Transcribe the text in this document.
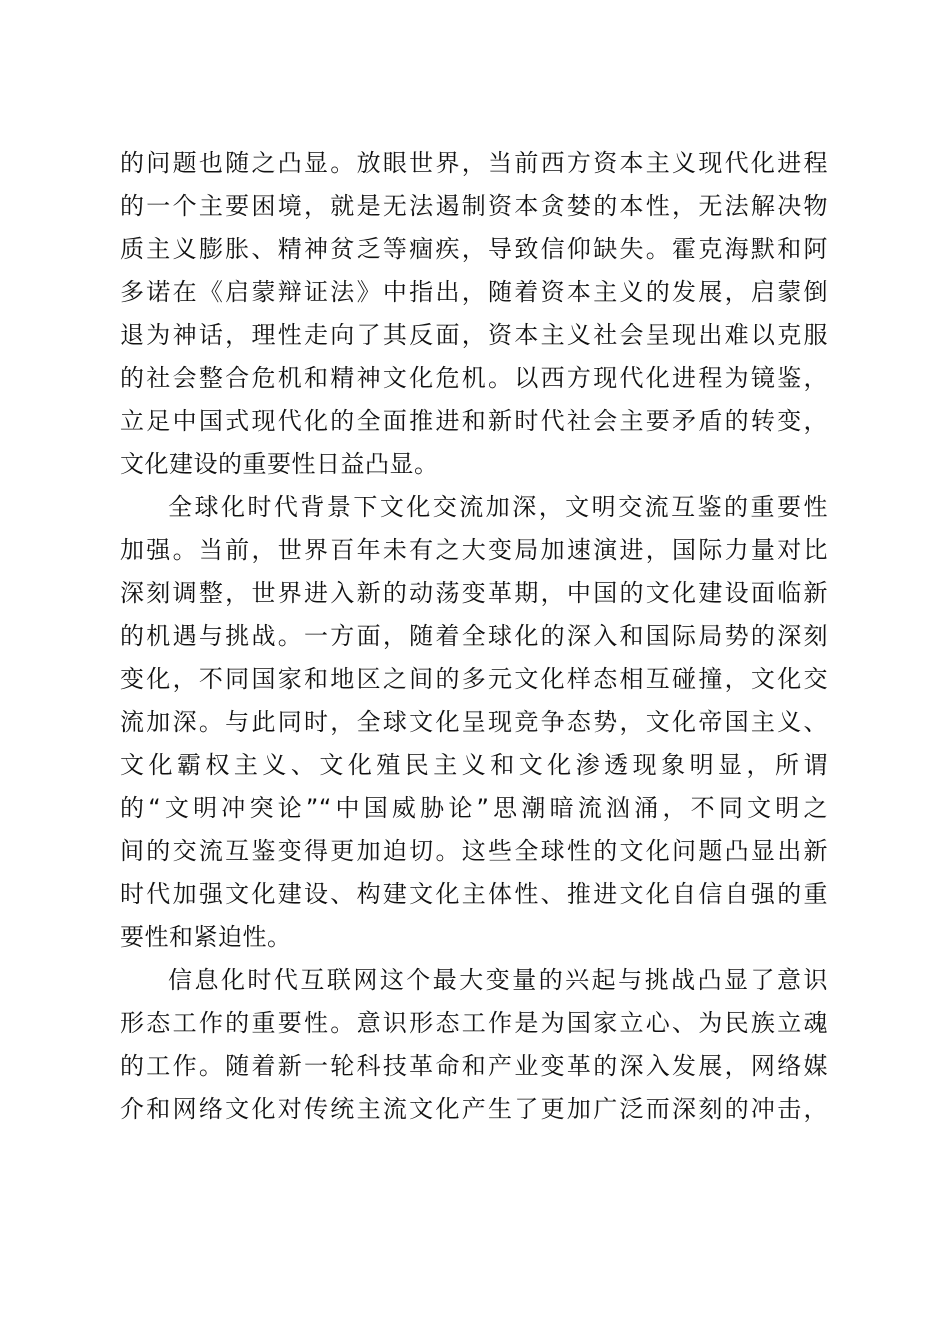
的问题也随之凸显。放眼世界，当前西方资本主义现代化进程
的一个主要困境，就是无法遏制资本贪婪的本性，无法解决物
质主义膨胀、精神贫乏等痼疾，导致信仰缺失。霍克海默和阿
多诺在《启蒙辩证法》中指出，随着资本主义的发展，启蒙倒
退为神话，理性走向了其反面，资本主义社会呈现出难以克服
的社会整合危机和精神文化危机。以西方现代化进程为镜鉴，
立足中国式现代化的全面推进和新时代社会主要矛盾的转变，
文化建设的重要性日益凸显。
全球化时代背景下文化交流加深，文明交流互鉴的重要性
加强。当前，世界百年未有之大变局加速演进，国际力量对比
深刻调整，世界进入新的动荡变革期，中国的文化建设面临新
的机遇与挑战。一方面，随着全球化的深入和国际局势的深刻
变化，不同国家和地区之间的多元文化样态相互碰撞，文化交
流加深。与此同时，全球文化呈现竞争态势，文化帝国主义、
文化霸权主义、文化殖民主义和文化渗透现象明显，所谓
的“文明冲突论”“中国威胁论”思潮暗流汹涌，不同文明之
间的交流互鉴变得更加迫切。这些全球性的文化问题凸显出新
时代加强文化建设、构建文化主体性、推进文化自信自强的重
要性和紧迫性。
信息化时代互联网这个最大变量的兴起与挑战凸显了意识
形态工作的重要性。意识形态工作是为国家立心、为民族立魂
的工作。随着新一轮科技革命和产业变革的深入发展，网络媒
介和网络文化对传统主流文化产生了更加广泛而深刻的冲击，
